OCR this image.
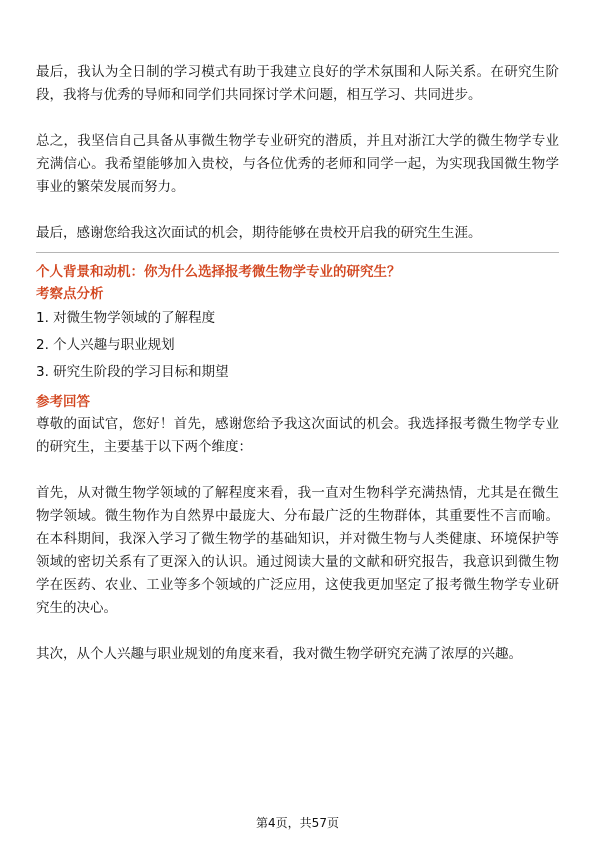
最后，我认为全日制的学习模式有助于我建立良好的学术氛围和人际关系。在研究生阶段，我将与优秀的导师和同学们共同探讨学术问题，相互学习、共同进步。

总之，我坚信自己具备从事微生物学专业研究的潜质，并且对浙江大学的微生物学专业充满信心。我希望能够加入贵校，与各位优秀的老师和同学一起，为实现我国微生物学事业的繁荣发展而努力。

最后，感谢您给我这次面试的机会，期待能够在贵校开启我的研究生生涯。

个人背景和动机：你为什么选择报考微生物学专业的研究生？

考察点分析

1. 对微生物学领域的了解程度

2. 个人兴趣与职业规划

3. 研究生阶段的学习目标和期望

参考回答

尊敬的面试官，您好！首先，感谢您给予我这次面试的机会。我选择报考微生物学专业的研究生，主要基于以下两个维度：

首先，从对微生物学领域的了解程度来看，我一直对生物科学充满热情，尤其是在微生物学领域。微生物作为自然界中最庞大、分布最广泛的生物群体，其重要性不言而喻。在本科期间，我深入学习了微生物学的基础知识，并对微生物与人类健康、环境保护等领域的密切关系有了更深入的认识。通过阅读大量的文献和研究报告，我意识到微生物学在医药、农业、工业等多个领域的广泛应用，这使我更加坚定了报考微生物学专业研究生的决心。

其次，从个人兴趣与职业规划的角度来看，我对微生物学研究充满了浓厚的兴趣。

第4页，共57页
